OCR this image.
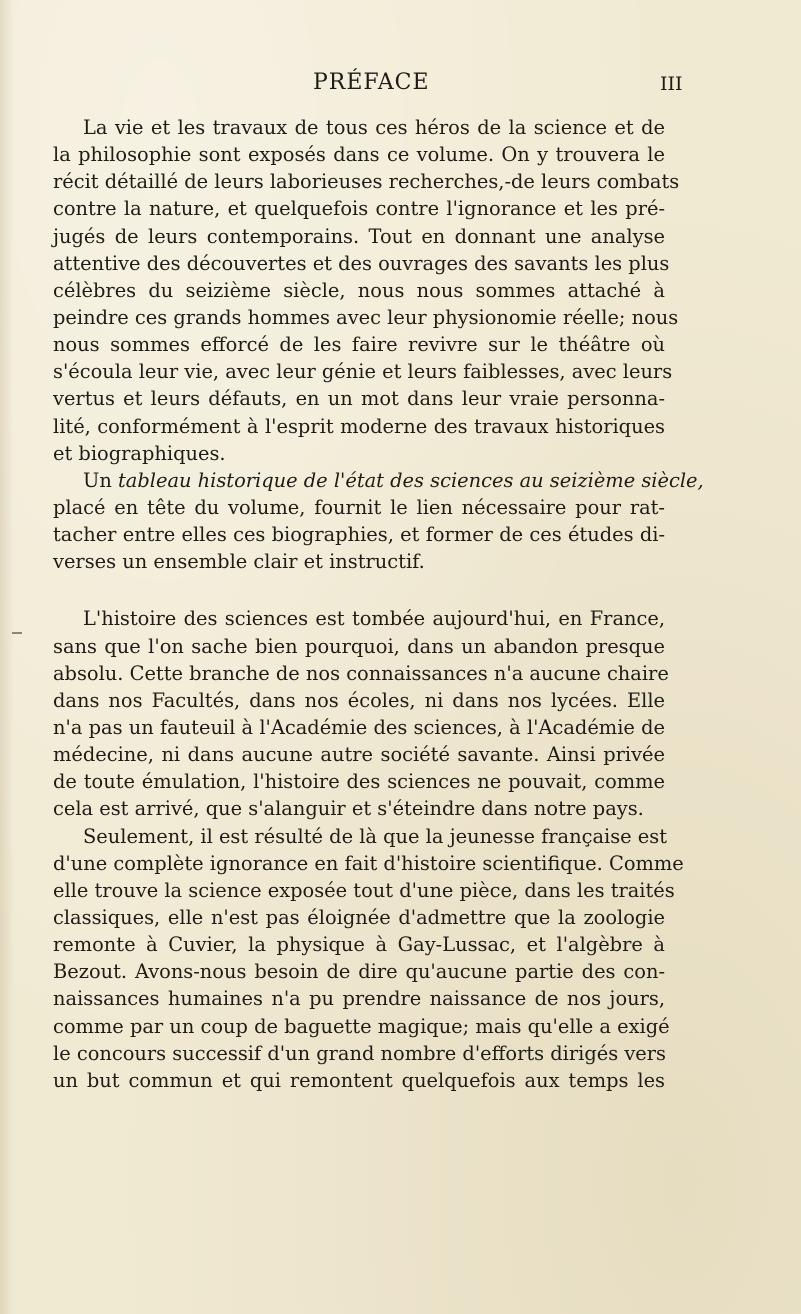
PRÉFACE	III
La vie et les travaux de tous ces héros de la science et de
la philosophie sont exposés dans ce volume. On y trouvera le
récit détaillé de leurs laborieuses recherches,-de leurs combats
contre la nature, et quelquefois contre l'ignorance et les pré-
jugés de leurs contemporains. Tout en donnant une analyse
attentive des découvertes et des ouvrages des savants les plus
célèbres du seizième siècle, nous nous sommes attaché à
peindre ces grands hommes avec leur physionomie réelle; nous
nous sommes efforcé de les faire revivre sur le théâtre où
s'écoula leur vie, avec leur génie et leurs faiblesses, avec leurs
vertus et leurs défauts, en un mot dans leur vraie personna-
lité, conformément à l'esprit moderne des travaux historiques
et biographiques.
Un tableau historique de l'état des sciences au seizième siècle,
placé en tête du volume, fournit le lien nécessaire pour rat-
tacher entre elles ces biographies, et former de ces études di-
verses un ensemble clair et instructif.
L'histoire des sciences est tombée aujourd'hui, en France,
sans que l'on sache bien pourquoi, dans un abandon presque
absolu. Cette branche de nos connaissances n'a aucune chaire
dans nos Facultés, dans nos écoles, ni dans nos lycées. Elle
n'a pas un fauteuil à l'Académie des sciences, à l'Académie de
médecine, ni dans aucune autre société savante. Ainsi privée
de toute émulation, l'histoire des sciences ne pouvait, comme
cela est arrivé, que s'alanguir et s'éteindre dans notre pays.
Seulement, il est résulté de là que la jeunesse française est
d'une complète ignorance en fait d'histoire scientifique. Comme
elle trouve la science exposée tout d'une pièce, dans les traités
classiques, elle n'est pas éloignée d'admettre que la zoologie
remonte à Cuvier, la physique à Gay-Lussac, et l'algèbre à
Bezout. Avons-nous besoin de dire qu'aucune partie des con-
naissances humaines n'a pu prendre naissance de nos jours,
comme par un coup de baguette magique; mais qu'elle a exigé
le concours successif d'un grand nombre d'efforts dirigés vers
un but commun et qui remontent quelquefois aux temps les
